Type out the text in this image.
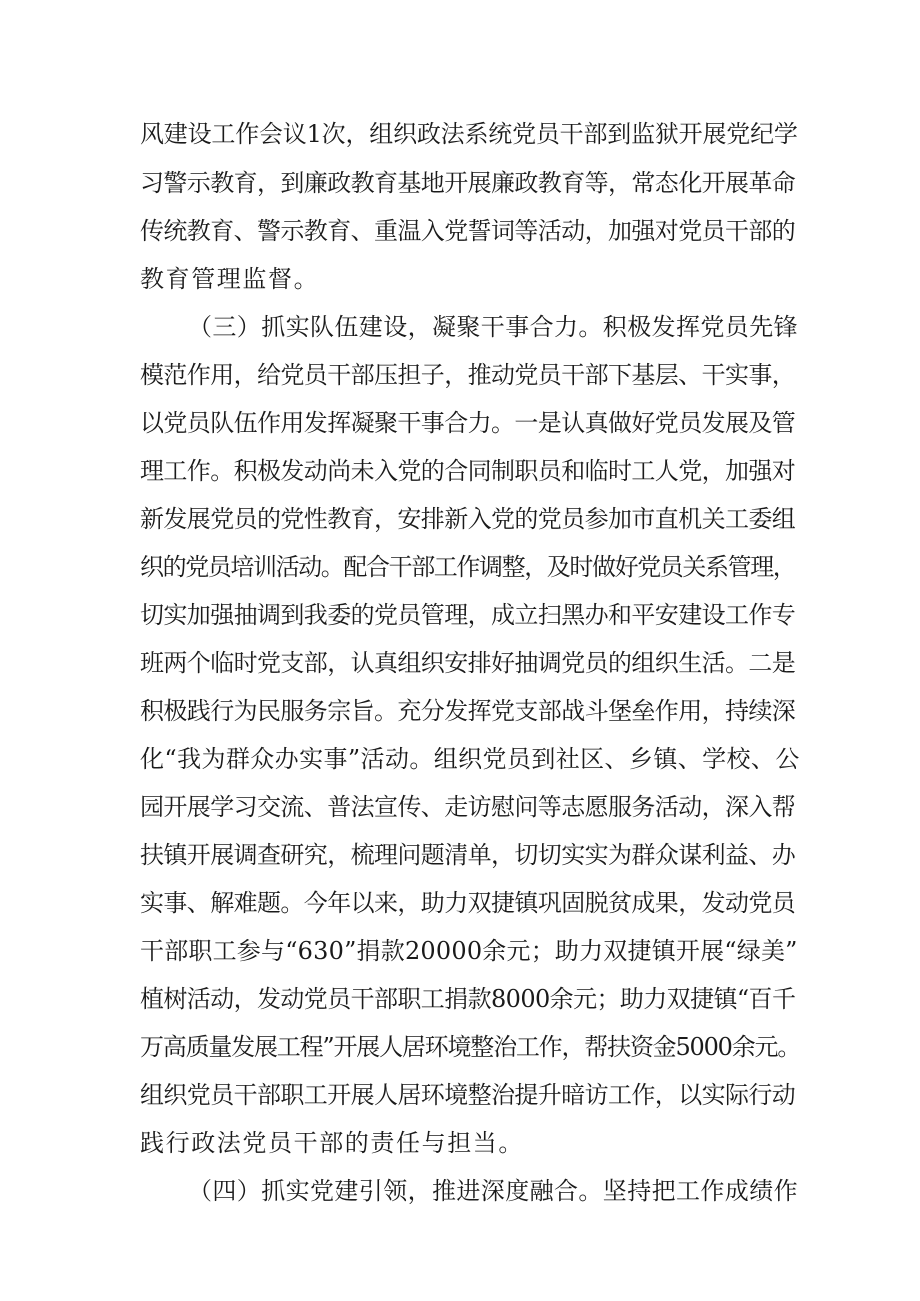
风建设工作会议1次，组织政法系统党员干部到监狱开展党纪学
习警示教育，到廉政教育基地开展廉政教育等，常态化开展革命
传统教育、警示教育、重温入党誓词等活动，加强对党员干部的
教育管理监督。
（三）抓实队伍建设，凝聚干事合力。积极发挥党员先锋
模范作用，给党员干部压担子，推动党员干部下基层、干实事，
以党员队伍作用发挥凝聚干事合力。一是认真做好党员发展及管
理工作。积极发动尚未入党的合同制职员和临时工人党，加强对
新发展党员的党性教育，安排新入党的党员参加市直机关工委组
织的党员培训活动。配合干部工作调整，及时做好党员关系管理，
切实加强抽调到我委的党员管理，成立扫黑办和平安建设工作专
班两个临时党支部，认真组织安排好抽调党员的组织生活。二是
积极践行为民服务宗旨。充分发挥党支部战斗堡垒作用，持续深
化“我为群众办实事”活动。组织党员到社区、乡镇、学校、公
园开展学习交流、普法宣传、走访慰问等志愿服务活动，深入帮
扶镇开展调查研究，梳理问题清单，切切实实为群众谋利益、办
实事、解难题。今年以来，助力双捷镇巩固脱贫成果，发动党员
干部职工参与“630”捐款20000余元；助力双捷镇开展“绿美”
植树活动，发动党员干部职工捐款8000余元；助力双捷镇“百千
万高质量发展工程”开展人居环境整治工作，帮扶资金5000余元。
组织党员干部职工开展人居环境整治提升暗访工作，以实际行动
践行政法党员干部的责任与担当。
（四）抓实党建引领，推进深度融合。坚持把工作成绩作
